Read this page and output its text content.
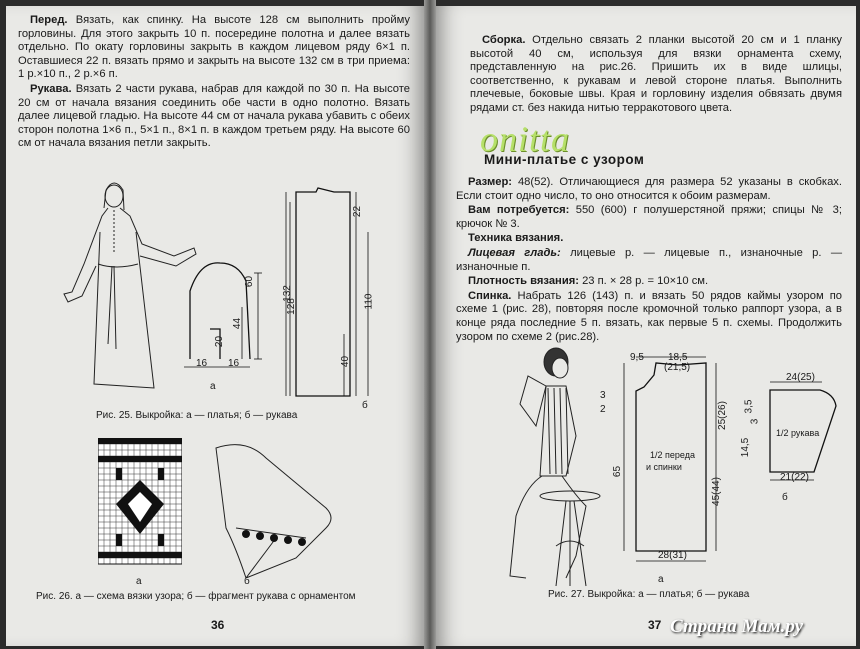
Перед. Вязать, как спинку. На высоте 128 см выполнить пройму горловины. Для этого закрыть 10 п. посередине полотна и далее вязать отдельно. По окату горловины закрыть в каждом лицевом ряду 6×1 п. Оставшиеся 22 п. вязать прямо и закрыть на высоте 132 см в три приема: 1 р.×10 п., 2 р.×6 п.

Рукава. Вязать 2 части рукава, набрав для каждой по 30 п. На высоте 20 см от начала вязания соединить обе части в одно полотно. Вязать далее лицевой гладью. На высоте 44 см от начала рукава убавить с обеих сторон полотна 1×6 п., 5×1 п., 8×1 п. в каждом третьем ряду. На высоте 60 см от начала вязания петли закрыть.

60
44
20
16 16
а
22
132
128	110
40
б
Рис. 25. Выкройка: а — платья; б — рукава
а	б
Рис. 26. а — схема вязки узора; б — фрагмент рукава с орнаментом
36

Сборка. Отдельно связать 2 планки высотой 20 см и 1 планку высотой 40 см, используя для вязки орнамента схему, представленную на рис.26. Пришить их в виде шлицы, соответственно, к рукавам и левой стороне платья. Выполнить плечевые, боковые швы. Края и горловину изделия обвязать двумя рядами ст. без накида нитью терракотового цвета.

onitta
Мини-платье с узором

Размер: 48(52). Отличающиеся для размера 52 указаны в скобках. Если стоит одно число, то оно относится к обоим размерам.

Вам потребуется: 550 (600) г полушерстяной пряжи; спицы № 3; крючок № 3.

Техника вязания.

Лицевая гладь: лицевые р. — лицевые п., изнаночные р. — изнаночные п.

Плотность вязания: 23 п. × 28 р. = 10×10 см.

Спинка. Набрать 126 (143) п. и вязать 50 рядов каймы узором по схеме 1 (рис. 28), повторяя после кромочной только раппорт узора, а в конце ряда последние 5 п. вязать, как первые 5 п. схемы. Продолжить узором по схеме 2 (рис.28).

9,5 18,5
(21,5)
3
2	25(26)
65
45(44)
28(31)
1/2 переда
и спинки
а
24(25)
3,5
3
14,5
1/2 рукава
21(22)
б
Рис. 27. Выкройка: а — платья; б — рукава
37 Страна Мам.ру
